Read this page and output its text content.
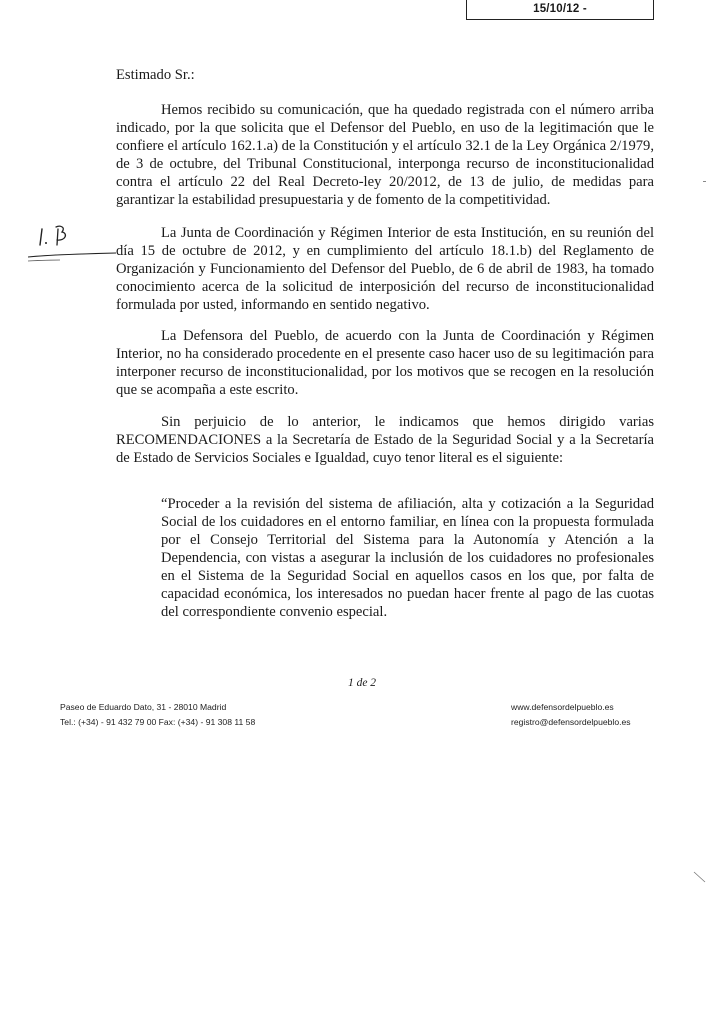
15/10/12 -
Estimado Sr.:

Hemos recibido su comunicación, que ha quedado registrada con el número arriba indicado, por la que solicita que el Defensor del Pueblo, en uso de la legitimación que le confiere el artículo 162.1.a) de la Constitución y el artículo 32.1 de la Ley Orgánica 2/1979, de 3 de octubre, del Tribunal Constitucional, interponga recurso de inconstitucionalidad contra el artículo 22 del Real Decreto-ley 20/2012, de 13 de julio, de medidas para garantizar la estabilidad presupuestaria y de fomento de la competitividad.

La Junta de Coordinación y Régimen Interior de esta Institución, en su reunión del día 15 de octubre de 2012, y en cumplimiento del artículo 18.1.b) del Reglamento de Organización y Funcionamiento del Defensor del Pueblo, de 6 de abril de 1983, ha tomado conocimiento acerca de la solicitud de interposición del recurso de inconstitucionalidad formulada por usted, informando en sentido negativo.

La Defensora del Pueblo, de acuerdo con la Junta de Coordinación y Régimen Interior, no ha considerado procedente en el presente caso hacer uso de su legitimación para interponer recurso de inconstitucionalidad, por los motivos que se recogen en la resolución que se acompaña a este escrito.

Sin perjuicio de lo anterior, le indicamos que hemos dirigido varias RECOMENDACIONES a la Secretaría de Estado de la Seguridad Social y a la Secretaría de Estado de Servicios Sociales e Igualdad, cuyo tenor literal es el siguiente:

“Proceder a la revisión del sistema de afiliación, alta y cotización a la Seguridad Social de los cuidadores en el entorno familiar, en línea con la propuesta formulada por el Consejo Territorial del Sistema para la Autonomía y Atención a la Dependencia, con vistas a asegurar la inclusión de los cuidadores no profesionales en el Sistema de la Seguridad Social en aquellos casos en los que, por falta de capacidad económica, los interesados no puedan hacer frente al pago de las cuotas del correspondiente convenio especial.
1 de 2
Paseo de Eduardo Dato, 31 - 28010 Madrid
Tel.: (+34) - 91 432 79 00 Fax: (+34) - 91 308 11 58
www.defensordelpueblo.es
registro@defensordelpueblo.es
